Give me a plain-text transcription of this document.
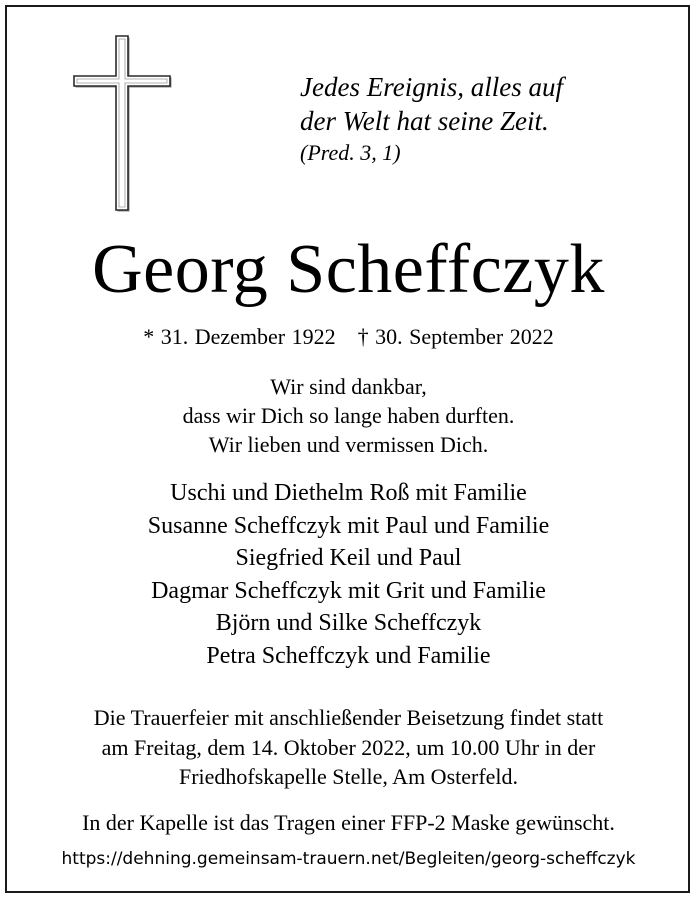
Jedes Ereignis, alles auf
der Welt hat seine Zeit.
(Pred. 3, 1)
Georg Scheffczyk
* 31. Dezember 1922 † 30. September 2022
Wir sind dankbar,
dass wir Dich so lange haben durften.
Wir lieben und vermissen Dich.
Uschi und Diethelm Roß mit Familie
Susanne Scheffczyk mit Paul und Familie
Siegfried Keil und Paul
Dagmar Scheffczyk mit Grit und Familie
Björn und Silke Scheffczyk
Petra Scheffczyk und Familie
Die Trauerfeier mit anschließender Beisetzung findet statt
am Freitag, dem 14. Oktober 2022, um 10.00 Uhr in der
Friedhofskapelle Stelle, Am Osterfeld.
In der Kapelle ist das Tragen einer FFP-2 Maske gewünscht.
https://dehning.gemeinsam-trauern.net/Begleiten/georg-scheffczyk
